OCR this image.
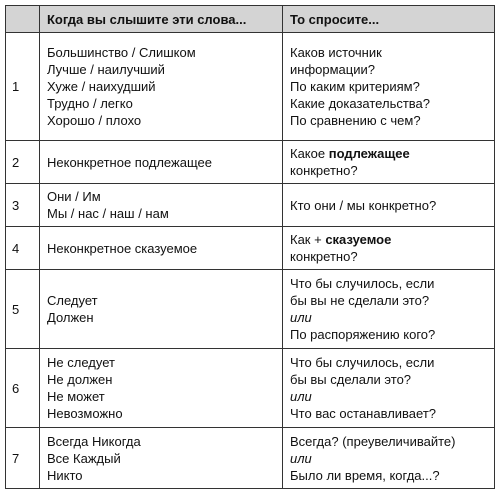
	Когда вы слышите эти слова...	То спросите...
1	Большинство / Слишком
Лучше / наилучший
Хуже / наихудший
Трудно / легко
Хорошо / плохо	Каков источник
информации?
По каким критериям?
Какие доказательства?
По сравнению с чем?

2	Неконкретное подлежащее	Какое подлежащее
конкретно?

3	Они / Им
Мы / нас / наш / нам	Кто они / мы конкретно?

4	Неконкретное сказуемое	Как + сказуемое
конкретно?

5	Следует
Должен	Что бы случилось, если
бы вы не сделали это?
или
По распоряжению кого?

6	Не следует
Не должен
Не может
Невозможно	Что бы случилось, если
бы вы сделали это?
или
Что вас останавливает?

7	Всегда Никогда
Все Каждый
Никто	Всегда? (преувеличивайте)
или
Было ли время, когда...?
